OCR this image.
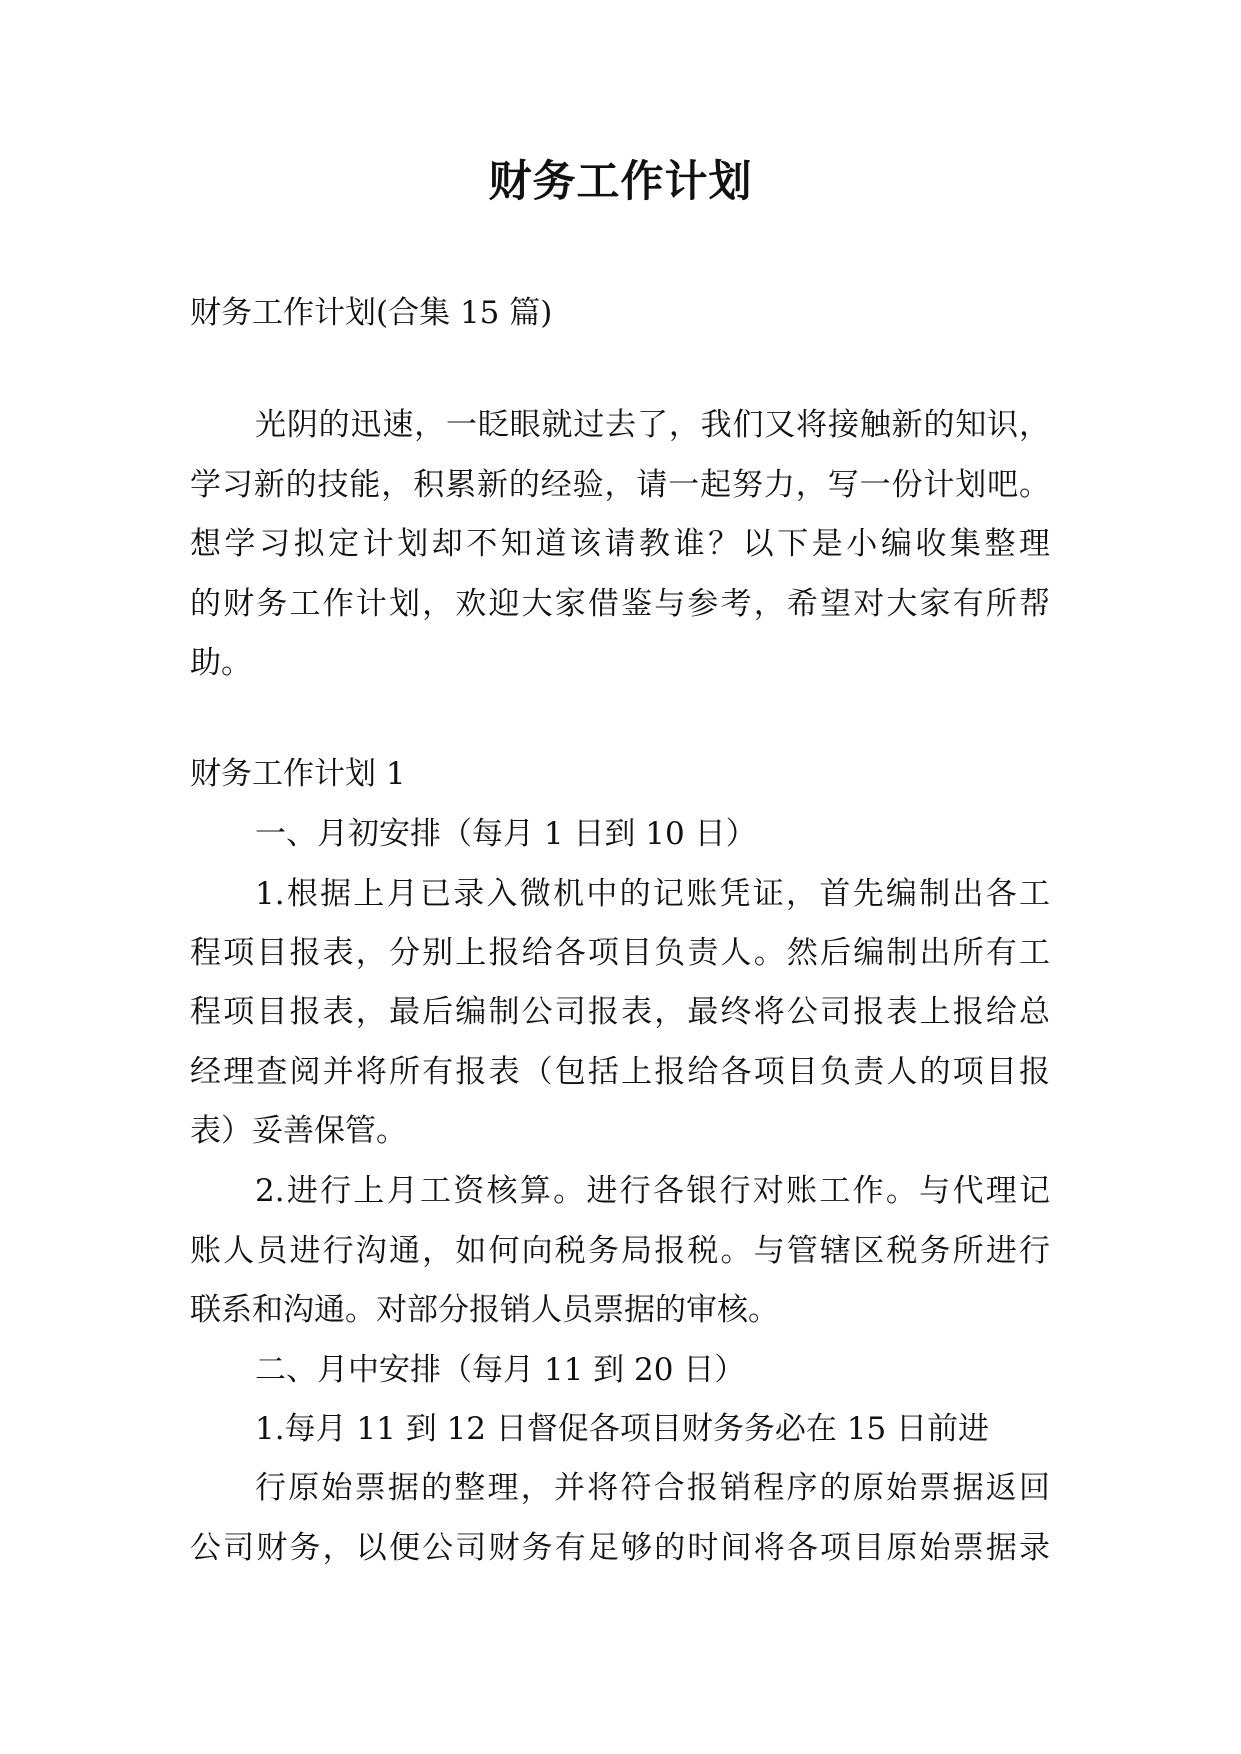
财务工作计划

财务工作计划(合集 15 篇)

光阴的迅速，一眨眼就过去了，我们又将接触新的知识，

学习新的技能，积累新的经验，请一起努力，写一份计划吧。

想学习拟定计划却不知道该请教谁？以下是小编收集整理

的财务工作计划，欢迎大家借鉴与参考，希望对大家有所帮

助。

财务工作计划 1

一、月初安排（每月 1 日到 10 日）

1.根据上月已录入微机中的记账凭证，首先编制出各工

程项目报表，分别上报给各项目负责人。然后编制出所有工

程项目报表，最后编制公司报表，最终将公司报表上报给总

经理查阅并将所有报表（包括上报给各项目负责人的项目报

表）妥善保管。

2.进行上月工资核算。进行各银行对账工作。与代理记

账人员进行沟通，如何向税务局报税。与管辖区税务所进行

联系和沟通。对部分报销人员票据的审核。

二、月中安排（每月 11 到 20 日）

1.每月 11 到 12 日督促各项目财务务必在 15 日前进

行原始票据的整理，并将符合报销程序的原始票据返回

公司财务，以便公司财务有足够的时间将各项目原始票据录
